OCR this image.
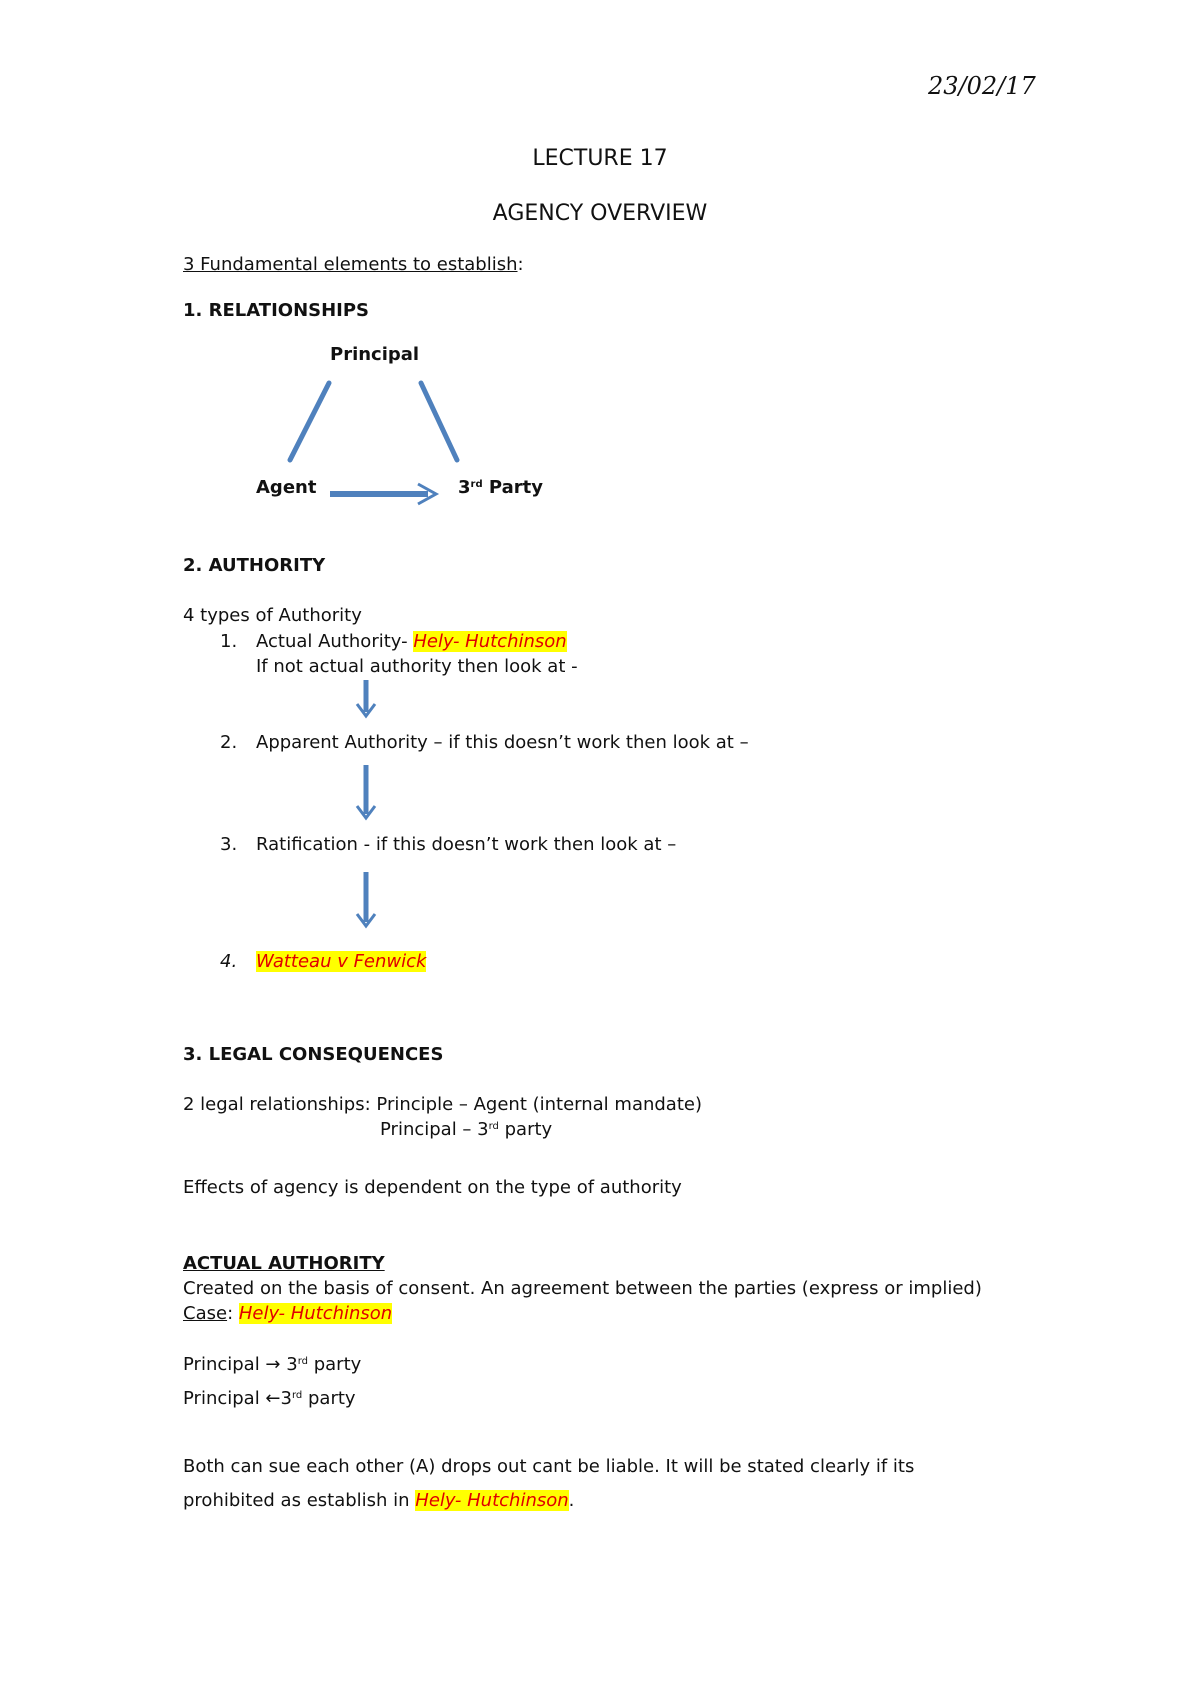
23/02/17
LECTURE 17
AGENCY OVERVIEW
3 Fundamental elements to establish:
1. RELATIONSHIPS
Principal
Agent	3rd Party
2. AUTHORITY
4 types of Authority
1. Actual Authority- Hely- Hutchinson
If not actual authority then look at -
2. Apparent Authority – if this doesn’t work then look at –
3. Ratification - if this doesn’t work then look at –
4. Watteau v Fenwick
3. LEGAL CONSEQUENCES
2 legal relationships: Principle – Agent (internal mandate)
Principal – 3rd party
Effects of agency is dependent on the type of authority
ACTUAL AUTHORITY
Created on the basis of consent. An agreement between the parties (express or implied)
Case: Hely- Hutchinson
Principal → 3rd party
Principal ←3rd party
Both can sue each other (A) drops out cant be liable. It will be stated clearly if its
prohibited as establish in Hely- Hutchinson.
